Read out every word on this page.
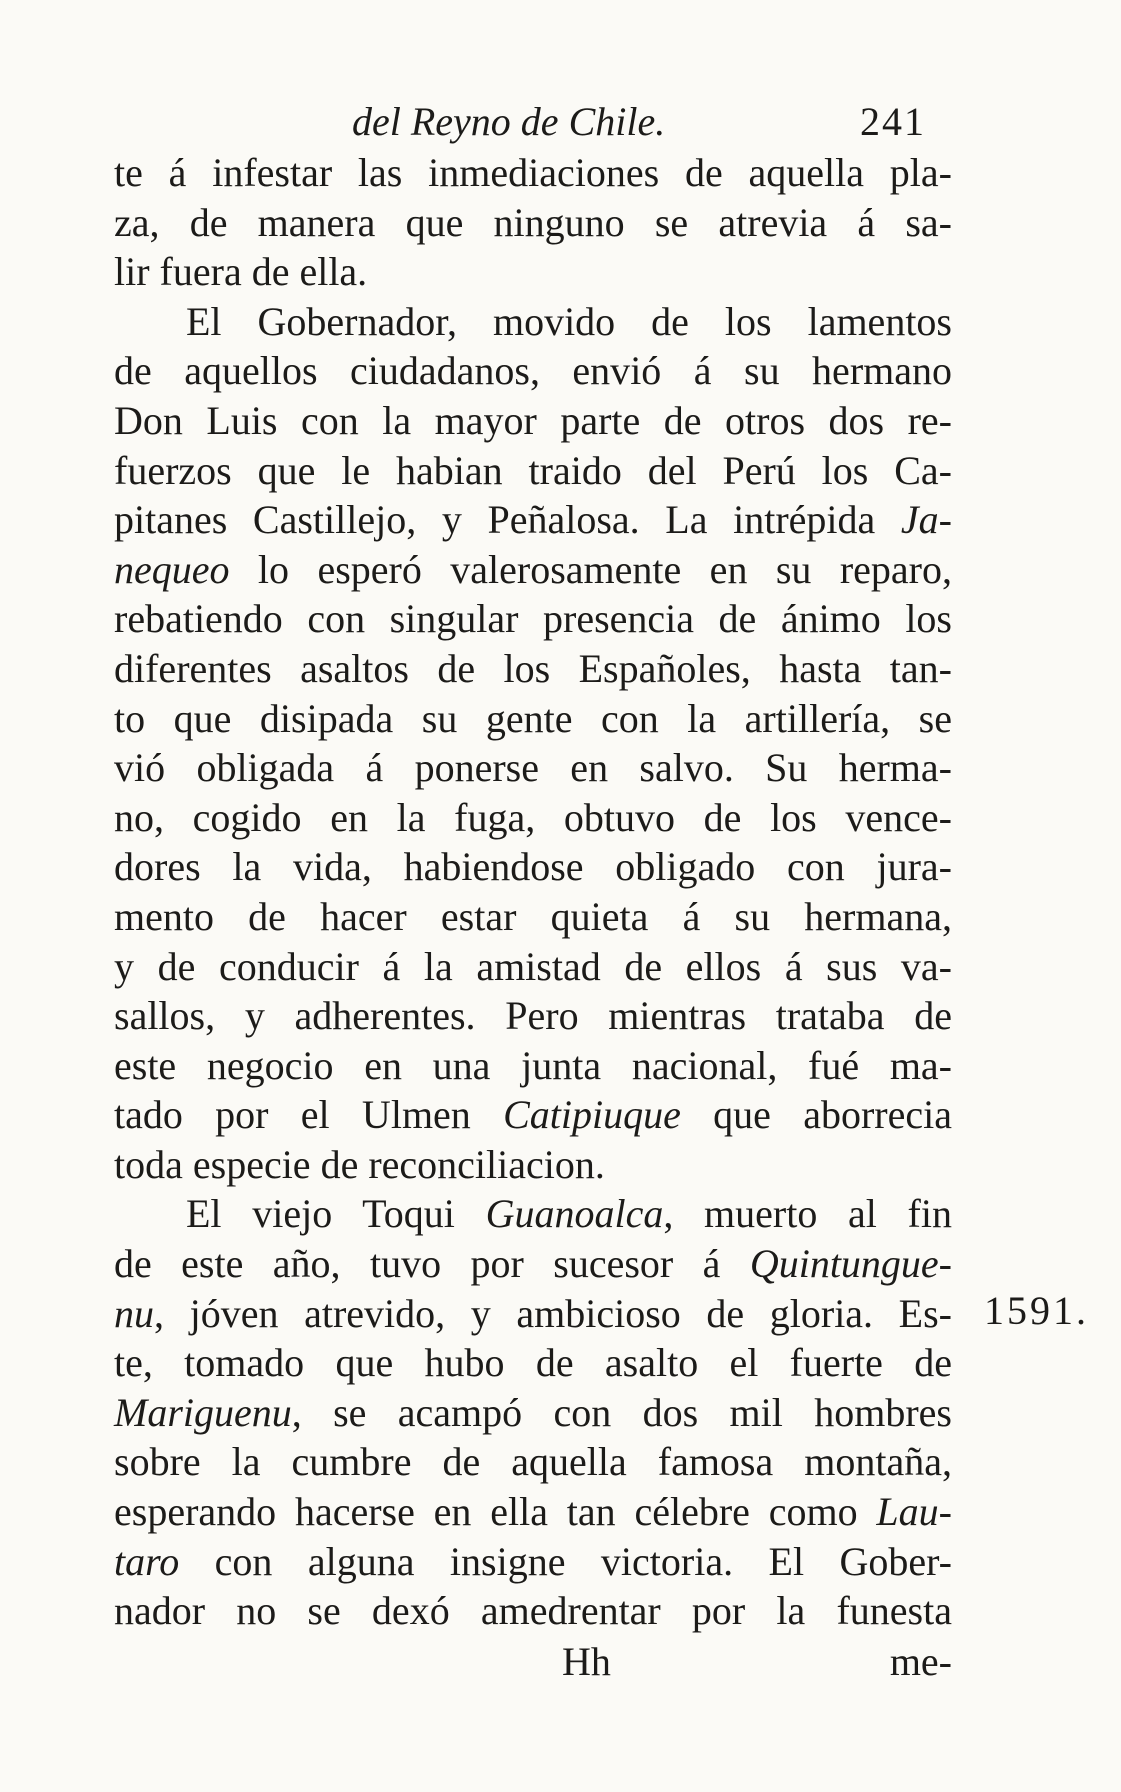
del Reyno de Chile.	241
te á infestar las inmediaciones de aquella pla-
za, de manera que ninguno se atrevia á sa-
lir fuera de ella.
El Gobernador, movido de los lamentos
de aquellos ciudadanos, envió á su hermano
Don Luis con la mayor parte de otros dos re-
fuerzos que le habian traido del Perú los Ca-
pitanes Castillejo, y Peñalosa. La intrépida Ja-
nequeo lo esperó valerosamente en su reparo,
rebatiendo con singular presencia de ánimo los
diferentes asaltos de los Españoles, hasta tan-
to que disipada su gente con la artillería, se
vió obligada á ponerse en salvo. Su herma-
no, cogido en la fuga, obtuvo de los vence-
dores la vida, habiendose obligado con jura-
mento de hacer estar quieta á su hermana,
y de conducir á la amistad de ellos á sus va-
sallos, y adherentes. Pero mientras trataba de
este negocio en una junta nacional, fué ma-
tado por el Ulmen Catipiuque que aborrecia
toda especie de reconciliacion.
El viejo Toqui Guanoalca, muerto al fin
de este año, tuvo por sucesor á Quintungue-
nu, jóven atrevido, y ambicioso de gloria. Es-
te, tomado que hubo de asalto el fuerte de
Mariguenu, se acampó con dos mil hombres
sobre la cumbre de aquella famosa montaña,
esperando hacerse en ella tan célebre como Lau-
taro con alguna insigne victoria. El Gober-
nador no se dexó amedrentar por la funesta
1591.
Hh	me-
